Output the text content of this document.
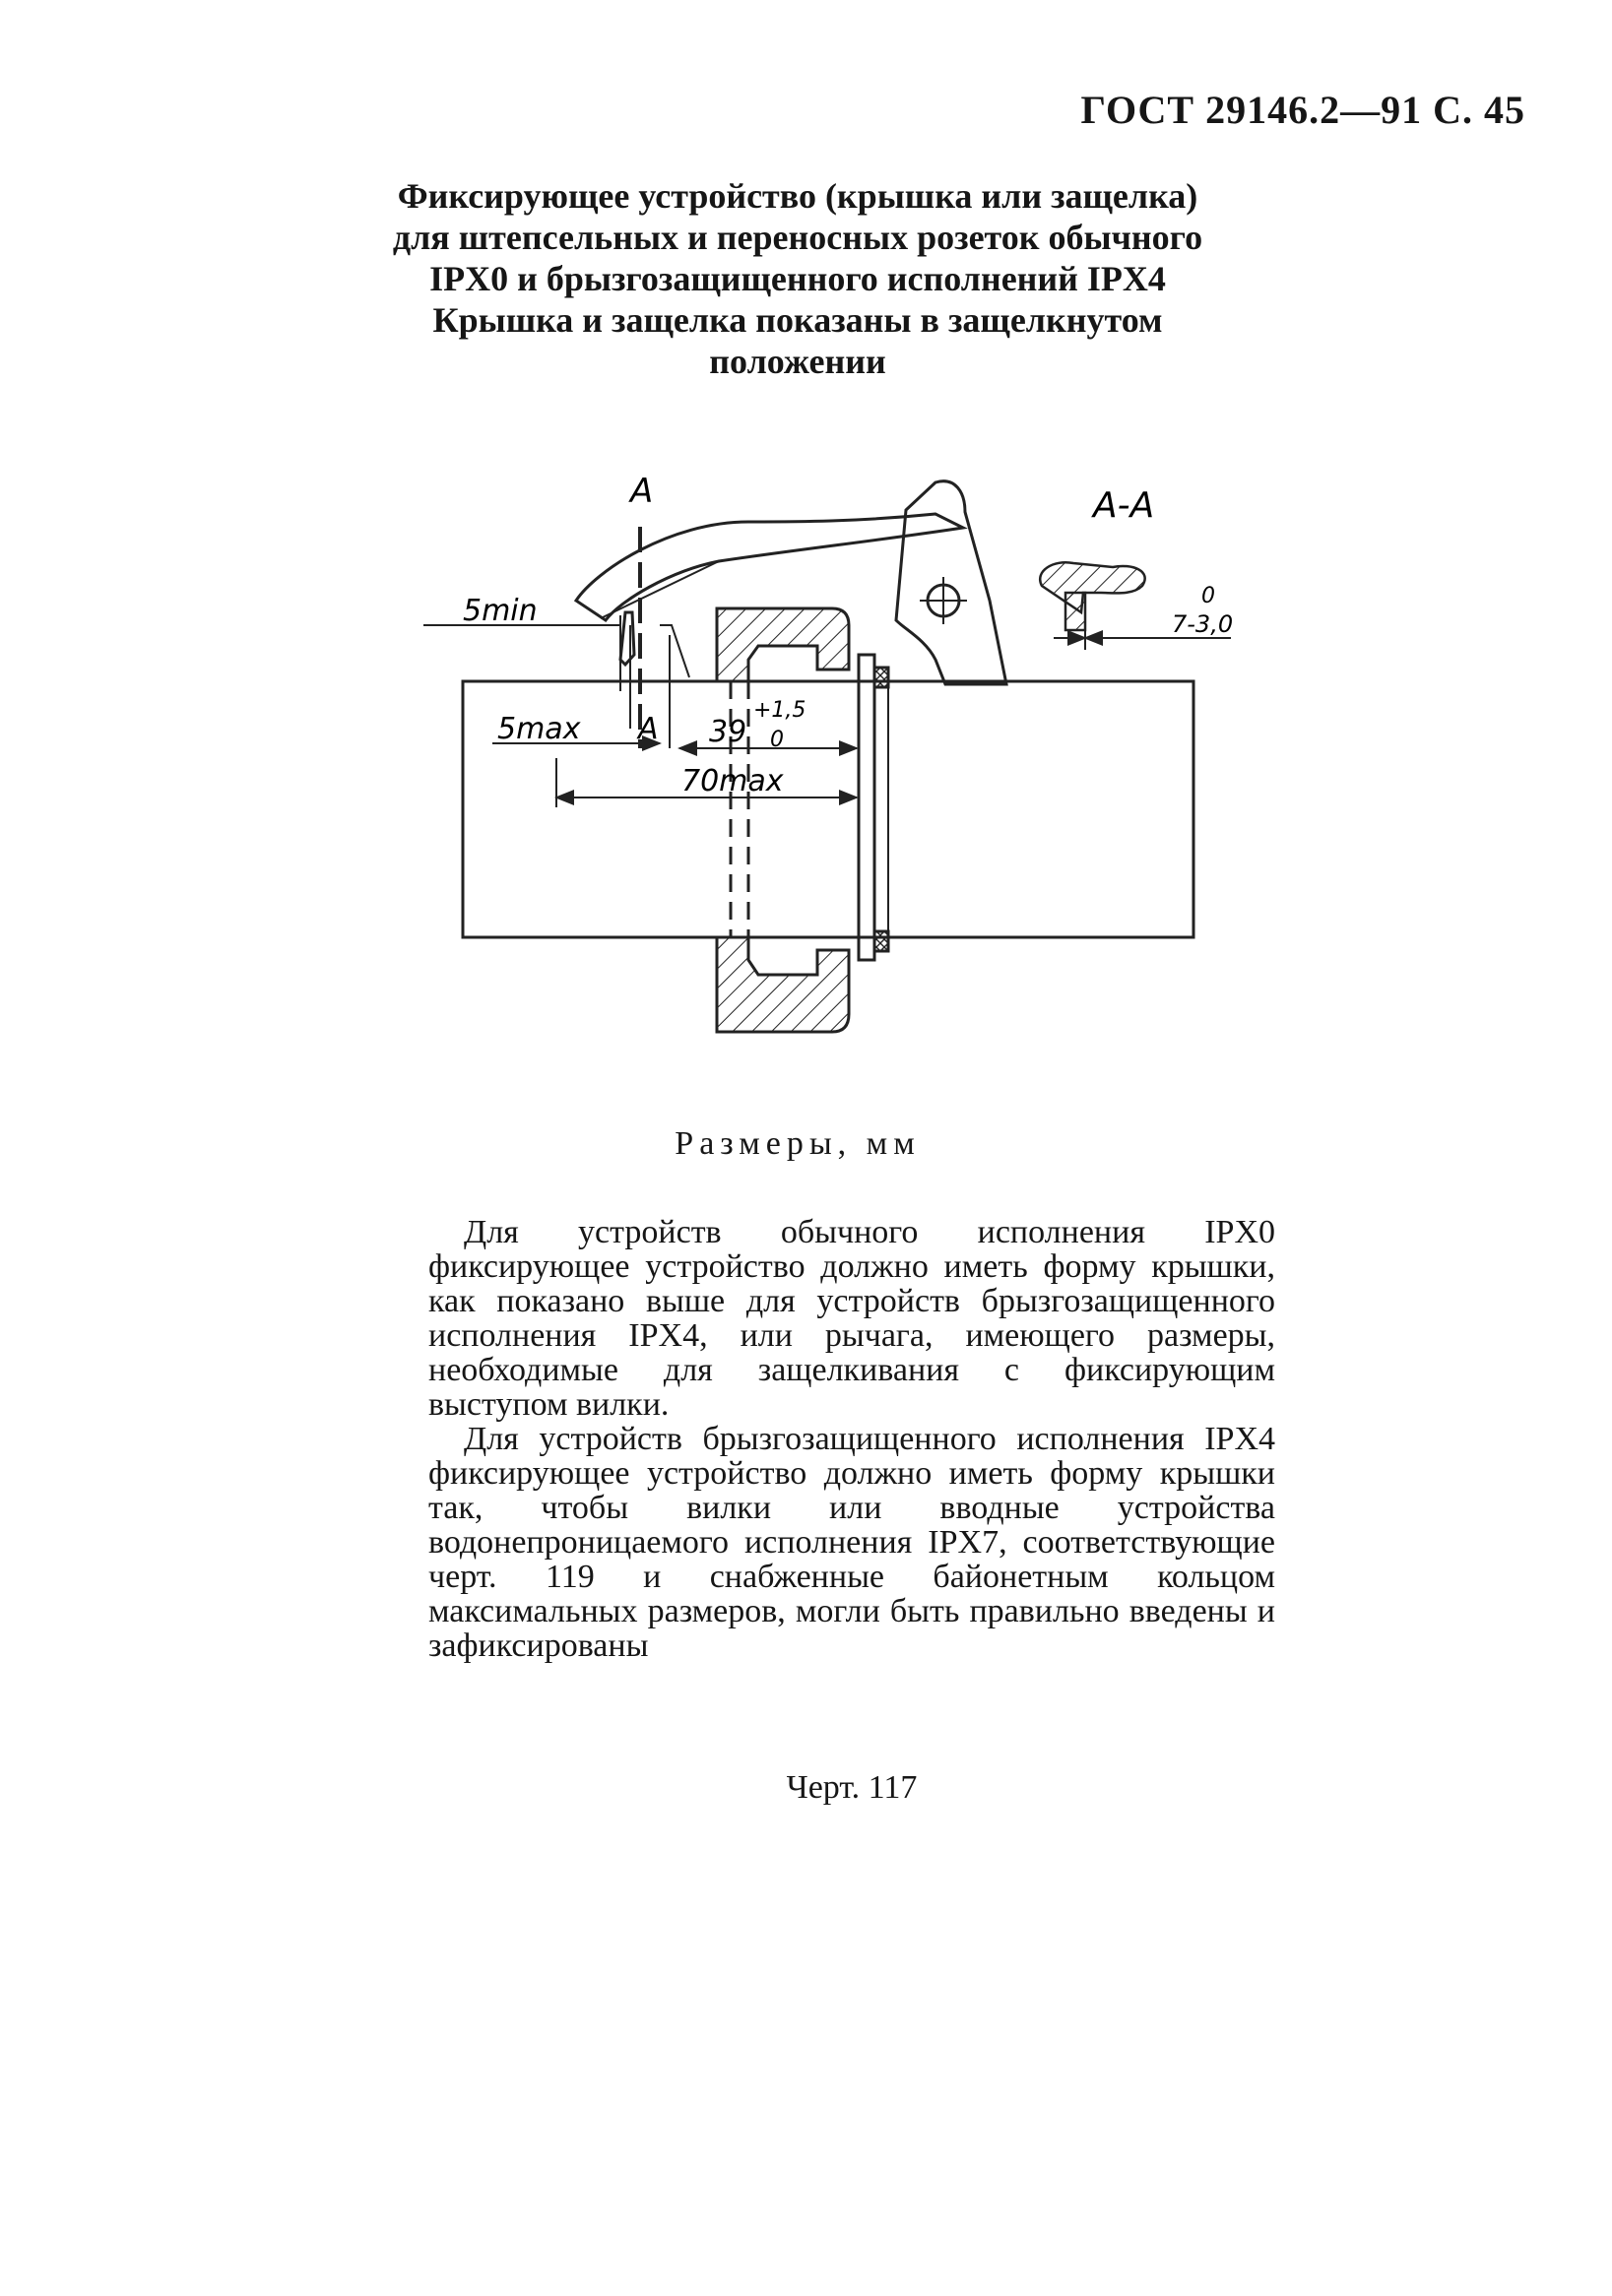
ГОСТ 29146.2—91 С. 45
Фиксирующее устройство (крышка или защелка)
для штепсельных и переносных розеток обычного
IPX0 и брызгозащищенного исполнений IPX4
Крышка и защелка показаны в защелкнутом
положении
A	A-A
5min
5max A 39
+1,5
0
70max
0
7-3,0
Размеры, мм

Для устройств обычного исполнения IPX0 фиксирующее устройство должно иметь форму крышки, как показано выше для устройств брызгозащищенного исполнения IPX4, или рычага, имеющего размеры, необходимые для защелкивания с фиксирующим выступом вилки.

Для устройств брызгозащищенного исполнения IPX4 фиксирующее устройство должно иметь форму крышки так, чтобы вилки или вводные устройства водонепроницаемого исполнения IPX7, соответствующие черт. 119 и снабженные байонетным кольцом максимальных размеров, могли быть правильно введены и зафиксированы

Черт. 117
